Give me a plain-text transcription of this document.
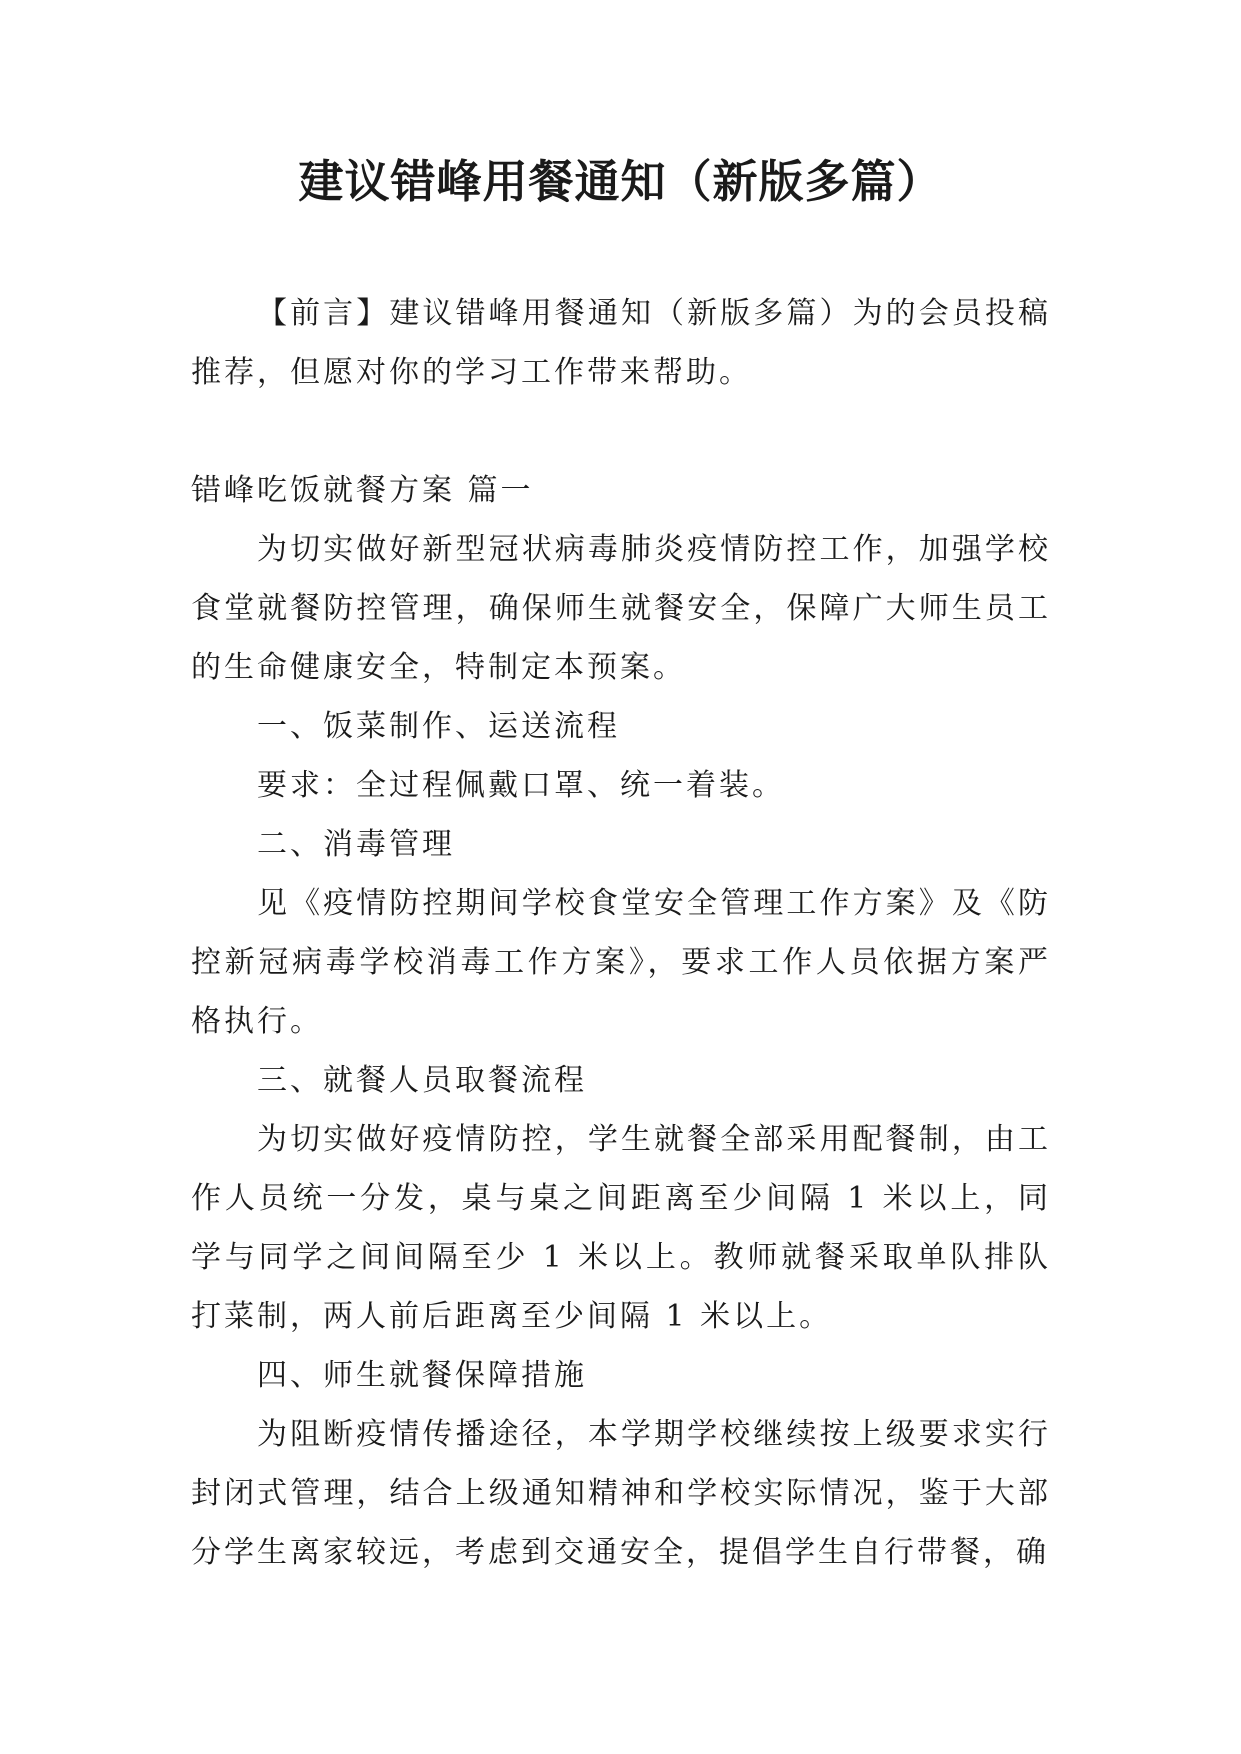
建议错峰用餐通知（新版多篇）

【前言】建议错峰用餐通知（新版多篇）为的会员投稿推荐，但愿对你的学习工作带来帮助。

错峰吃饭就餐方案 篇一

为切实做好新型冠状病毒肺炎疫情防控工作，加强学校食堂就餐防控管理，确保师生就餐安全，保障广大师生员工的生命健康安全，特制定本预案。

一、饭菜制作、运送流程

要求：全过程佩戴口罩、统一着装。

二、消毒管理

见《疫情防控期间学校食堂安全管理工作方案》及《防控新冠病毒学校消毒工作方案》，要求工作人员依据方案严格执行。

三、就餐人员取餐流程

为切实做好疫情防控，学生就餐全部采用配餐制，由工作人员统一分发，桌与桌之间距离至少间隔 1 米以上，同学与同学之间间隔至少 1 米以上。教师就餐采取单队排队打菜制，两人前后距离至少间隔 1 米以上。

四、师生就餐保障措施

为阻断疫情传播途径，本学期学校继续按上级要求实行封闭式管理，结合上级通知精神和学校实际情况，鉴于大部分学生离家较远，考虑到交通安全，提倡学生自行带餐，确
